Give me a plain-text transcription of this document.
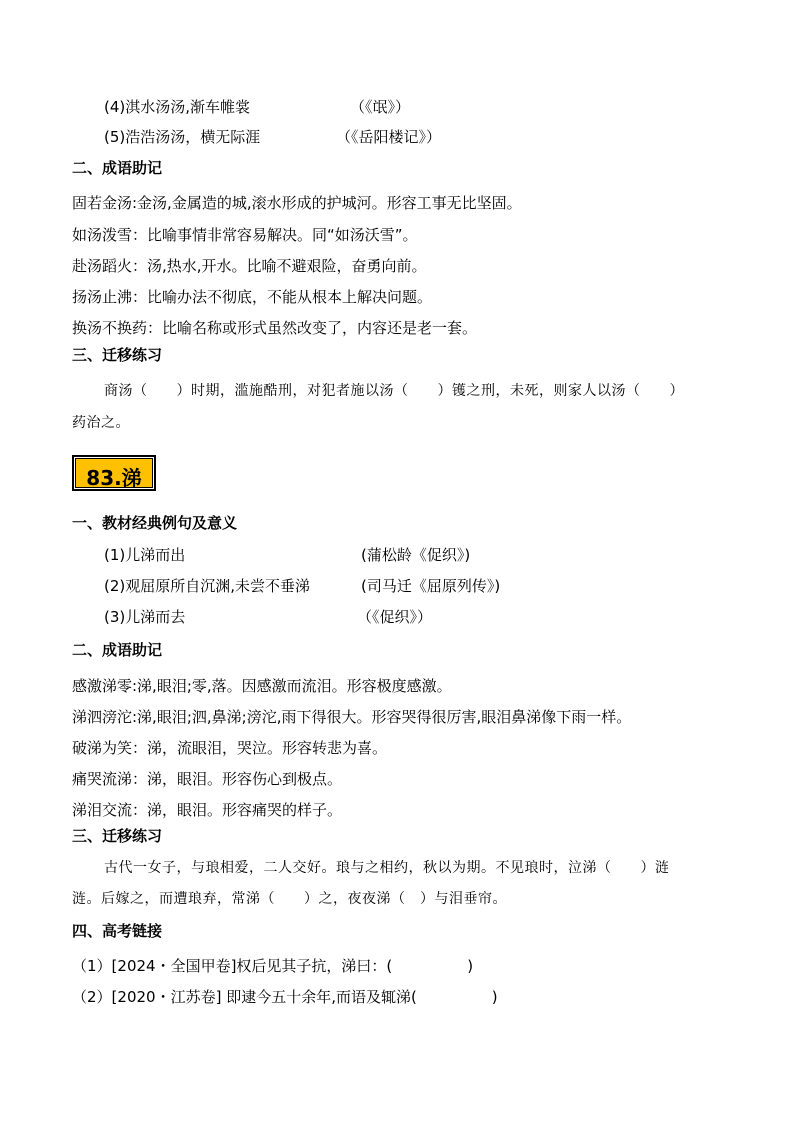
(4)淇水汤汤,渐车帷裳	（《氓》）
(5)浩浩汤汤，横无际涯	（《岳阳楼记》）
二、成语助记
固若金汤:金汤,金属造的城,滚水形成的护城河。形容工事无比坚固。
如汤泼雪：比喻事情非常容易解决。同“如汤沃雪”。
赴汤蹈火：汤,热水,开水。比喻不避艰险，奋勇向前。
扬汤止沸：比喻办法不彻底，不能从根本上解决问题。
换汤不换药：比喻名称或形式虽然改变了，内容还是老一套。
三、迁移练习
商汤（　　）时期，滥施酷刑，对犯者施以汤（　　）镬之刑，未死，则家人以汤（　　）
药治之。
83.涕
一、教材经典例句及意义
(1)儿涕而出	(蒲松龄《促织》)
(2)观屈原所自沉渊,未尝不垂涕	(司马迁《屈原列传》)
(3)儿涕而去	（《促织》）
二、成语助记
感激涕零:涕,眼泪;零,落。因感激而流泪。形容极度感激。
涕泗滂沱:涕,眼泪;泗,鼻涕;滂沱,雨下得很大。形容哭得很厉害,眼泪鼻涕像下雨一样。
破涕为笑：涕，流眼泪，哭泣。形容转悲为喜。
痛哭流涕：涕，眼泪。形容伤心到极点。
涕泪交流：涕，眼泪。形容痛哭的样子。
三、迁移练习
古代一女子，与琅相爱，二人交好。琅与之相约，秋以为期。不见琅时，泣涕（　　）涟
涟。后嫁之，而遭琅弃，常涕（　　）之，夜夜涕（　）与泪垂帘。
四、高考链接
（1）[2024・全国甲卷]权后见其子抗，涕曰：(　　　　　)
（2）[2020・江苏卷] 即逮今五十余年,而语及辄涕(　　　　　)
